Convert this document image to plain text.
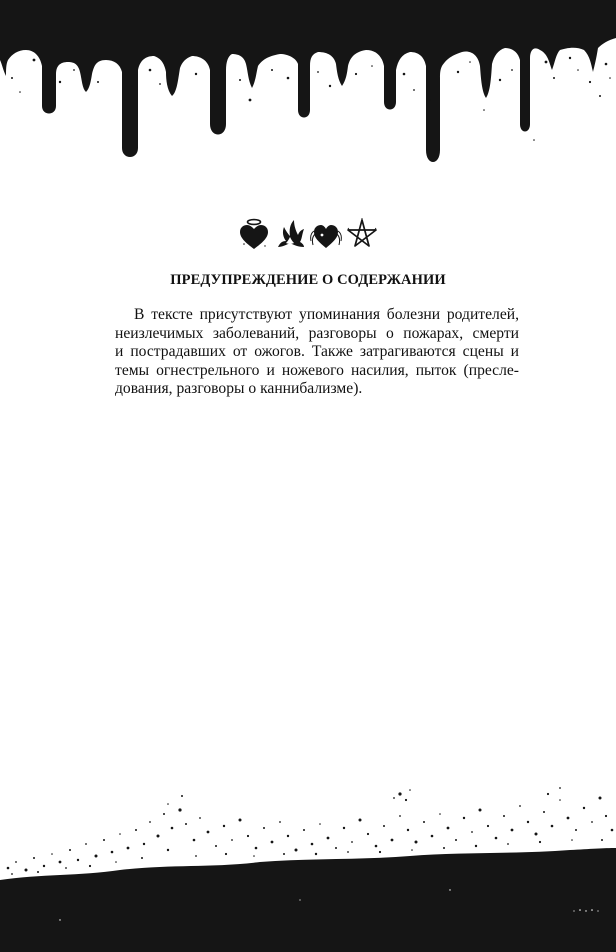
ПРЕДУПРЕЖДЕНИЕ О СОДЕРЖАНИИ

В тексте присутствуют упоминания болезни родителей,
неизлечимых заболеваний, разговоры о пожарах, смерти
и пострадавших от ожогов. Также затрагиваются сцены и
темы огнестрельного и ножевого насилия, пыток (пресле-
дования, разговоры о каннибализме).
